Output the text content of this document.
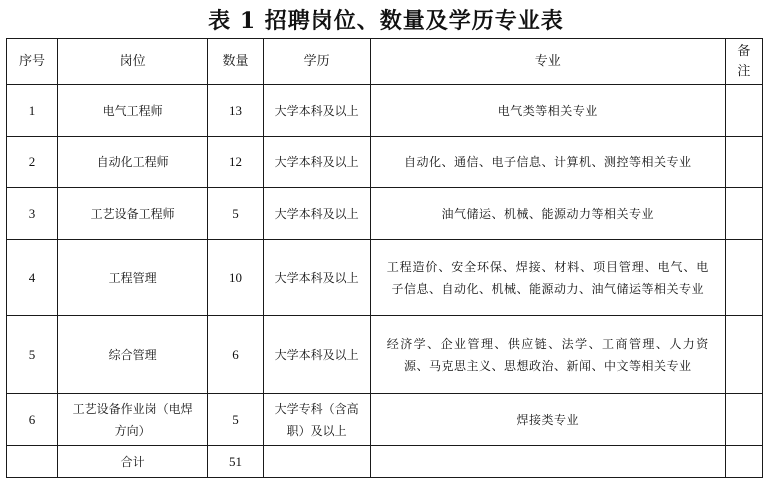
表 1 招聘岗位、数量及学历专业表
序号	岗位	数量	学历	专业	备
注
1	电气工程师	13	大学本科及以上	电气类等相关专业	
2	自动化工程师	12	大学本科及以上	自动化、通信、电子信息、计算机、测控等相关专业	
3	工艺设备工程师	5	大学本科及以上	油气储运、机械、能源动力等相关专业	
4	工程管理	10	大学本科及以上	工程造价、安全环保、焊接、材料、项目管理、电气、电子信息、自动化、机械、能源动力、油气储运等相关专业	
5	综合管理	6	大学本科及以上	经济学、企业管理、供应链、法学、工商管理、人力资源、马克思主义、思想政治、新闻、中文等相关专业	
6	工艺设备作业岗（电焊方向）	5	大学专科（含高职）及以上	焊接类专业	
	合计	51			
